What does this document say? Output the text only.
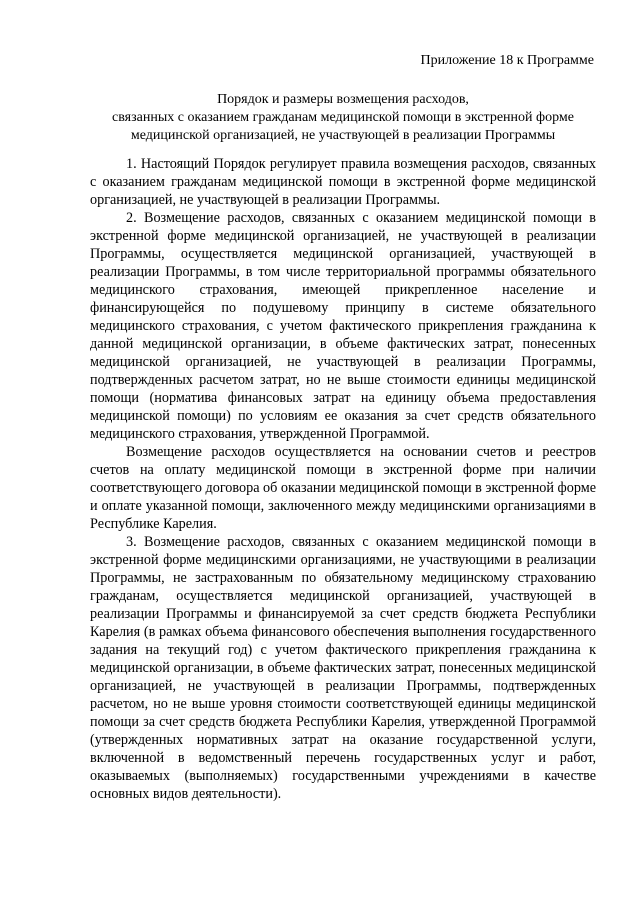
Приложение 18 к Программе
Порядок и размеры возмещения расходов,
связанных с оказанием гражданам медицинской помощи в экстренной форме
медицинской организацией, не участвующей в реализации Программы

1. Настоящий Порядок регулирует правила возмещения расходов, связанных с оказанием гражданам медицинской помощи в экстренной форме медицинской организацией, не участвующей в реализации Программы.

2. Возмещение расходов, связанных с оказанием медицинской помощи в экстренной форме медицинской организацией, не участвующей в реализации Программы, осуществляется медицинской организацией, участвующей в реализации Программы, в том числе территориальной программы обязательного медицинского страхования, имеющей прикрепленное население и финансирующейся по подушевому принципу в системе обязательного медицинского страхования, с учетом фактического прикрепления гражданина к данной медицинской организации, в объеме фактических затрат, понесенных медицинской организацией, не участвующей в реализации Программы, подтвержденных расчетом затрат, но не выше стоимости единицы медицинской помощи (норматива финансовых затрат на единицу объема предоставления медицинской помощи) по условиям ее оказания за счет средств обязательного медицинского страхования, утвержденной Программой.

Возмещение расходов осуществляется на основании счетов и реестров счетов на оплату медицинской помощи в экстренной форме при наличии соответствующего договора об оказании медицинской помощи в экстренной форме и оплате указанной помощи, заключенного между медицинскими организациями в Республике Карелия.

3. Возмещение расходов, связанных с оказанием медицинской помощи в экстренной форме медицинскими организациями, не участвующими в реализации Программы, не застрахованным по обязательному медицинскому страхованию гражданам, осуществляется медицинской организацией, участвующей в реализации Программы и финансируемой за счет средств бюджета Республики Карелия (в рамках объема финансового обеспечения выполнения государственного задания на текущий год) с учетом фактического прикрепления гражданина к медицинской организации, в объеме фактических затрат, понесенных медицинской организацией, не участвующей в реализации Программы, подтвержденных расчетом, но не выше уровня стоимости соответствующей единицы медицинской помощи за счет средств бюджета Республики Карелия, утвержденной Программой (утвержденных нормативных затрат на оказание государственной услуги, включенной в ведомственный перечень государственных услуг и работ, оказываемых (выполняемых) государственными учреждениями в качестве основных видов деятельности).
